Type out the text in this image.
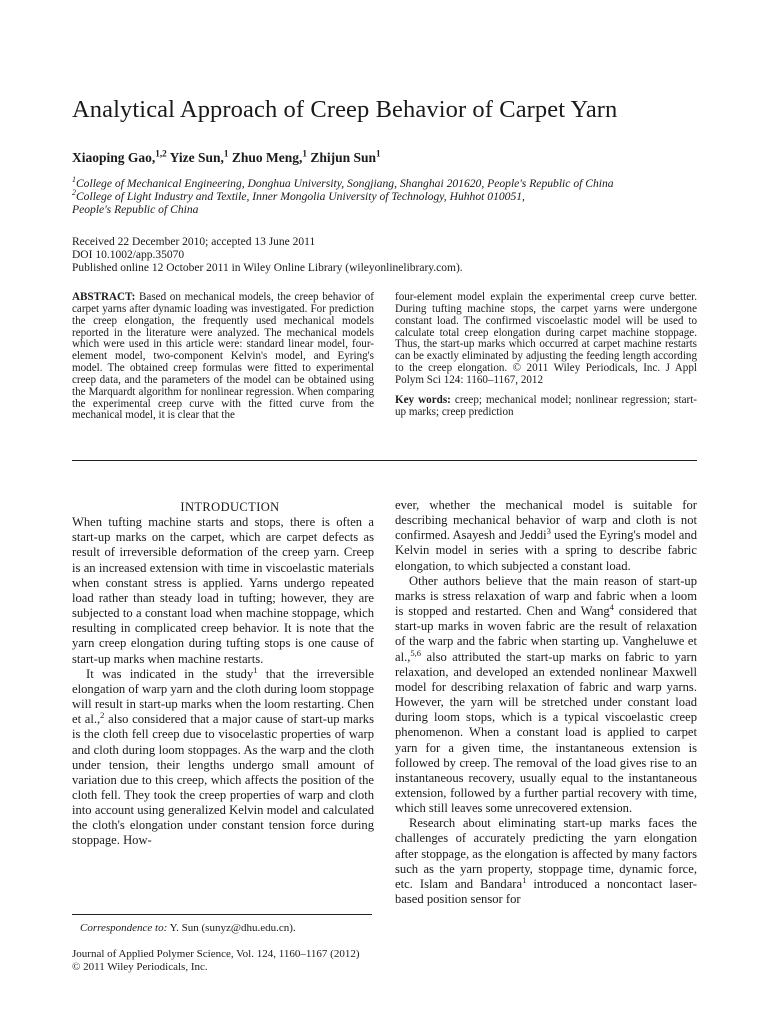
Analytical Approach of Creep Behavior of Carpet Yarn
Xiaoping Gao,$^{1,2}$ Yize Sun,$^1$ Zhuo Meng,$^1$ Zhijun Sun$^1$
$^1$College of Mechanical Engineering, Donghua University, Songjiang, Shanghai 201620, People's Republic of China
$^2$College of Light Industry and Textile, Inner Mongolia University of Technology, Huhhot 010051,
People's Republic of China
Received 22 December 2010; accepted 13 June 2011
DOI 10.1002/app.35070
Published online 12 October 2011 in Wiley Online Library (wileyonlinelibrary.com).
ABSTRACT: Based on mechanical models, the creep behavior of carpet yarns after dynamic loading was investigated. For prediction the creep elongation, the frequently used mechanical models reported in the literature were analyzed. The mechanical models which were used in this article were: standard linear model, four-element model, two-component Kelvin's model, and Eyring's model. The obtained creep formulas were fitted to experimental creep data, and the parameters of the model can be obtained using the Marquardt algorithm for nonlinear regression. When comparing the experimental creep curve with the fitted curve from the mechanical model, it is clear that the
four-element model explain the experimental creep curve better. During tufting machine stops, the carpet yarns were undergone constant load. The confirmed viscoelastic model will be used to calculate total creep elongation during carpet machine stoppage. Thus, the start-up marks which occurred at carpet machine restarts can be exactly eliminated by adjusting the feeding length according to the creep elongation. © 2011 Wiley Periodicals, Inc. J Appl Polym Sci 124: 1160–1167, 2012
Key words: creep; mechanical model; nonlinear regression; start-up marks; creep prediction

INTRODUCTION

When tufting machine starts and stops, there is often a start-up marks on the carpet, which are carpet defects as result of irreversible deformation of the creep yarn. Creep is an increased extension with time in viscoelastic materials when constant stress is applied. Yarns undergo repeated load rather than steady load in tufting; however, they are subjected to a constant load when machine stoppage, which resulting in complicated creep behavior. It is note that the yarn creep elongation during tufting stops is one cause of start-up marks when machine restarts.

It was indicated in the study$^1$ that the irreversible elongation of warp yarn and the cloth during loom stoppage will result in start-up marks when the loom restarting. Chen et al.,$^2$ also considered that a major cause of start-up marks is the cloth fell creep due to visocelastic properties of warp and cloth during loom stoppages. As the warp and the cloth under tension, their lengths undergo small amount of variation due to this creep, which affects the position of the cloth fell. They took the creep properties of warp and cloth into account using generalized Kelvin model and calculated the cloth's elongation under constant tension force during stoppage. How-

ever, whether the mechanical model is suitable for describing mechanical behavior of warp and cloth is not confirmed. Asayesh and Jeddi$^3$ used the Eyring's model and Kelvin model in series with a spring to describe fabric elongation, to which subjected a constant load.

Other authors believe that the main reason of start-up marks is stress relaxation of warp and fabric when a loom is stopped and restarted. Chen and Wang$^4$ considered that start-up marks in woven fabric are the result of relaxation of the warp and the fabric when starting up. Vangheluwe et al.,$^{5,6}$ also attributed the start-up marks on fabric to yarn relaxation, and developed an extended nonlinear Maxwell model for describing relaxation of fabric and warp yarns. However, the yarn will be stretched under constant load during loom stops, which is a typical viscoelastic creep phenomenon. When a constant load is applied to carpet yarn for a given time, the instantaneous extension is followed by creep. The removal of the load gives rise to an instantaneous recovery, usually equal to the instantaneous extension, followed by a further partial recovery with time, which still leaves some unrecovered extension.

Research about eliminating start-up marks faces the challenges of accurately predicting the yarn elongation after stoppage, as the elongation is affected by many factors such as the yarn property, stoppage time, dynamic force, etc. Islam and Bandara$^1$ introduced a noncontact laser-based position sensor for

Correspondence to: Y. Sun (sunyz@dhu.edu.cn).
Journal of Applied Polymer Science, Vol. 124, 1160–1167 (2012)
© 2011 Wiley Periodicals, Inc.
